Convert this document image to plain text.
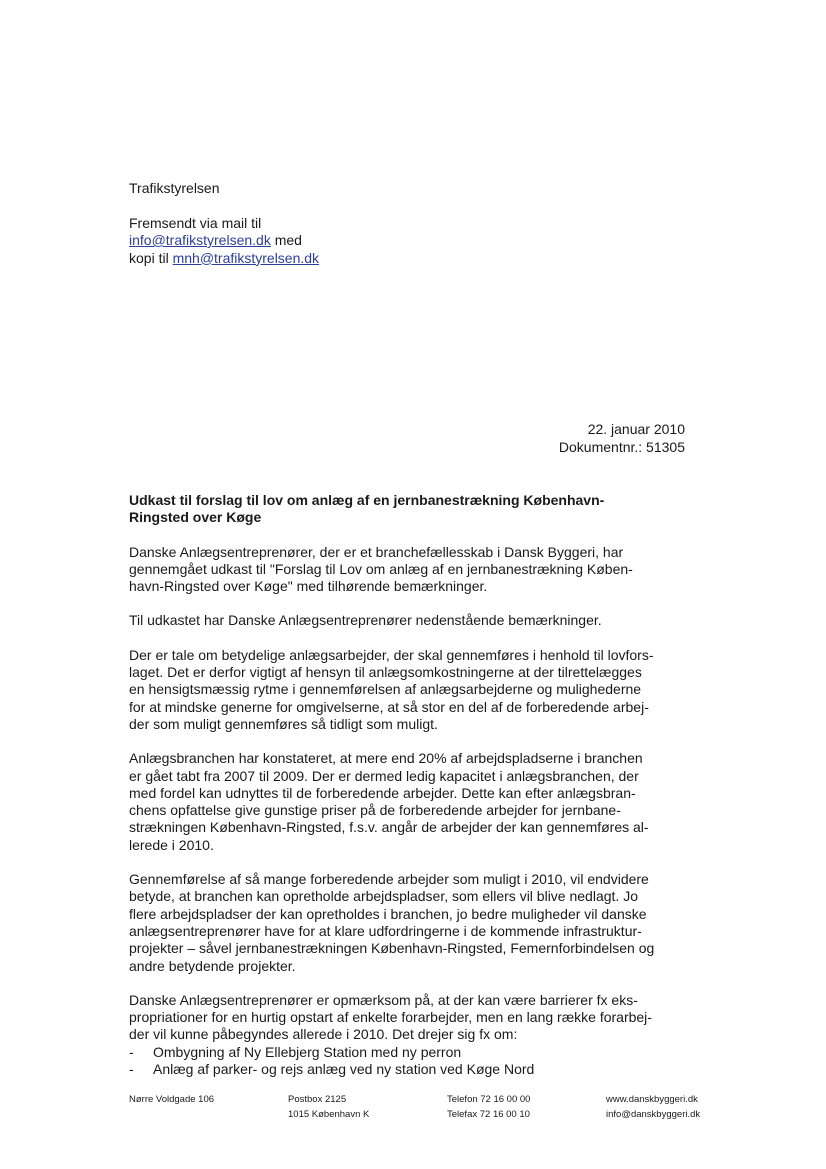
Trafikstyrelsen
Fremsendt via mail til
info@trafikstyrelsen.dk med
kopi til mnh@trafikstyrelsen.dk
22. januar 2010
Dokumentnr.: 51305
Udkast til forslag til lov om anlæg af en jernbanestrækning København-
Ringsted over Køge

Danske Anlægsentreprenører, der er et branchefællesskab i Dansk Byggeri, har
gennemgået udkast til "Forslag til Lov om anlæg af en jernbanestrækning Køben-
havn-Ringsted over Køge" med tilhørende bemærkninger.

Til udkastet har Danske Anlægsentreprenører nedenstående bemærkninger.

Der er tale om betydelige anlægsarbejder, der skal gennemføres i henhold til lovfors-
laget. Det er derfor vigtigt af hensyn til anlægsomkostningerne at der tilrettelægges
en hensigtsmæssig rytme i gennemførelsen af anlægsarbejderne og mulighederne
for at mindske generne for omgivelserne, at så stor en del af de forberedende arbej-
der som muligt gennemføres så tidligt som muligt.

Anlægsbranchen har konstateret, at mere end 20% af arbejdspladserne i branchen
er gået tabt fra 2007 til 2009. Der er dermed ledig kapacitet i anlægsbranchen, der
med fordel kan udnyttes til de forberedende arbejder. Dette kan efter anlægsbran-
chens opfattelse give gunstige priser på de forberedende arbejder for jernbane-
strækningen København-Ringsted, f.s.v. angår de arbejder der kan gennemføres al-
lerede i 2010.

Gennemførelse af så mange forberedende arbejder som muligt i 2010, vil endvidere
betyde, at branchen kan opretholde arbejdspladser, som ellers vil blive nedlagt. Jo
flere arbejdspladser der kan opretholdes i branchen, jo bedre muligheder vil danske
anlægsentreprenører have for at klare udfordringerne i de kommende infrastruktur-
projekter – såvel jernbanestrækningen København-Ringsted, Femernforbindelsen og
andre betydende projekter.

Danske Anlægsentreprenører er opmærksom på, at der kan være barrierer fx eks-
propriationer for en hurtig opstart af enkelte forarbejder, men en lang række forarbej-
der vil kunne påbegyndes allerede i 2010. Det drejer sig fx om:
- Ombygning af Ny Ellebjerg Station med ny perron
- Anlæg af parker- og rejs anlæg ved ny station ved Køge Nord
Nørre Voldgade 106	Postbox 2125
1015 København K
Telefon 72 16 00 00
Telefax 72 16 00 10
www.danskbyggeri.dk
info@danskbyggeri.dk
